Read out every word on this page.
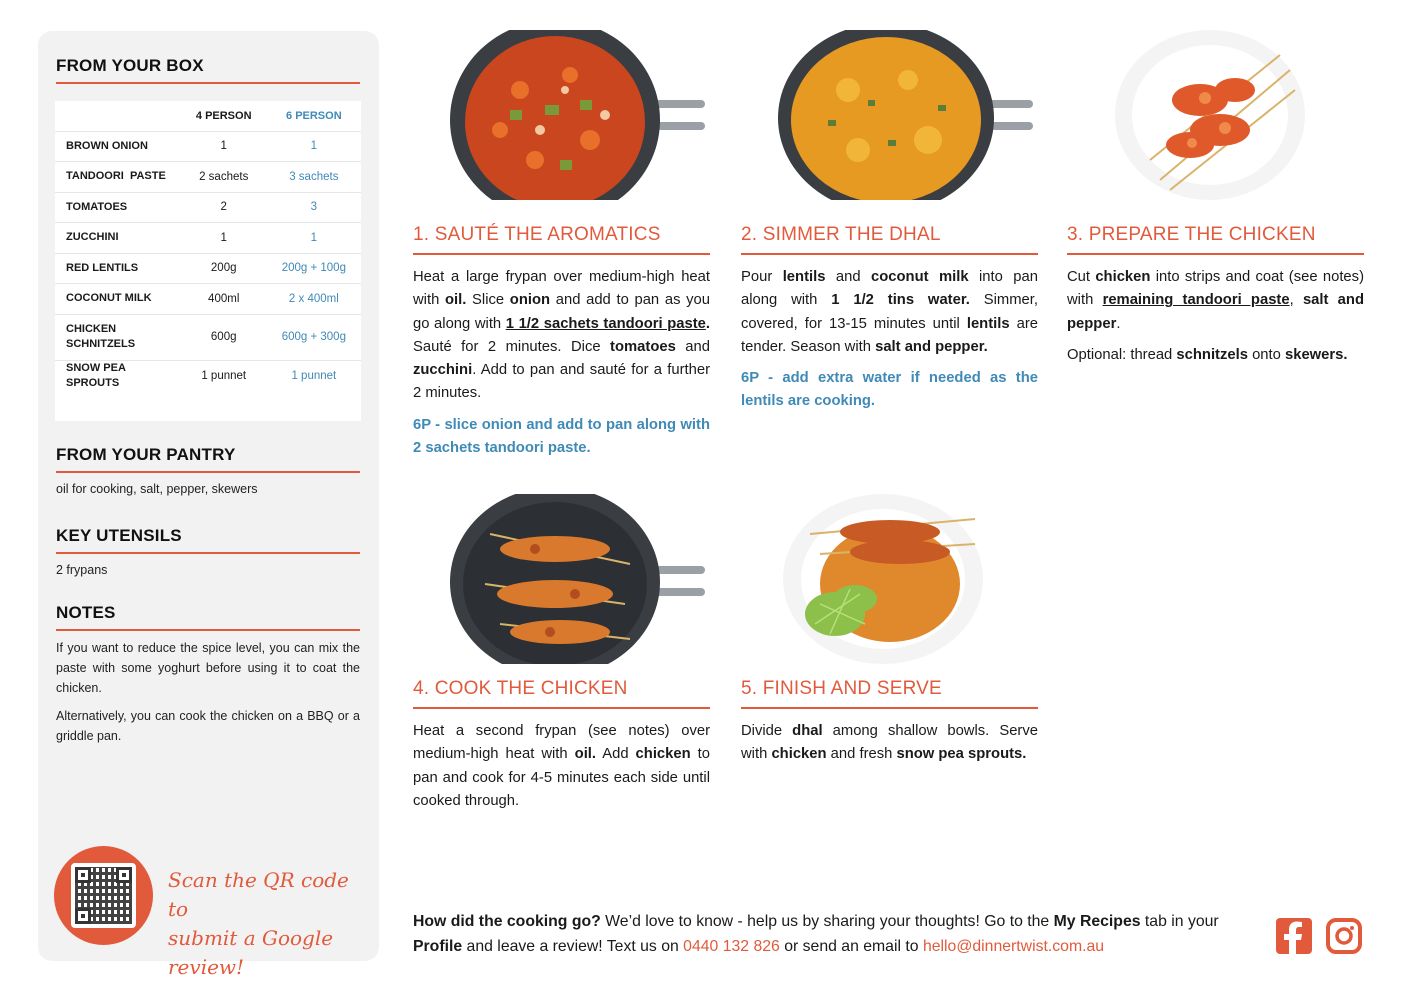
FROM YOUR BOX
	4 PERSON	6 PERSON
BROWN ONION	1	1
TANDOORI  PASTE	2 sachets	3 sachets
TOMATOES	2	3
ZUCCHINI	1	1
RED LENTILS	200g	200g + 100g
COCONUT MILK	400ml	2 x 400ml
CHICKEN SCHNITZELS	600g	600g + 300g
SNOW PEA SPROUTS	1 punnet	1 punnet
FROM YOUR PANTRY
oil for cooking, salt, pepper, skewers
KEY UTENSILS
2 frypans
NOTES
If you want to reduce the spice level, you can mix the paste with some yoghurt before using it to coat the chicken.
Alternatively, you can cook the chicken on a BBQ or a griddle pan.
Scan the QR code to
submit a Google review!
1. SAUTÉ THE AROMATICS	2. SIMMER THE DHAL	3. PREPARE THE CHICKEN
4. COOK THE CHICKEN	5. FINISH AND SERVE

Heat a large frypan over medium-high heat with oil. Slice onion and add to pan as you go along with 1 1/2 sachets tandoori paste. Sauté for 2 minutes. Dice tomatoes and zucchini. Add to pan and sauté for a further 2 minutes.

6P - slice onion and add to pan along with 2 sachets tandoori paste.

Pour lentils and coconut milk into pan along with 1 1/2 tins water. Simmer, covered, for 13-15 minutes until lentils are tender. Season with salt and pepper.

6P - add extra water if needed as the lentils are cooking.

Cut chicken into strips and coat (see notes) with remaining tandoori paste, salt and pepper.

Optional: thread schnitzels onto skewers.

Heat a second frypan (see notes) over medium-high heat with oil. Add chicken to pan and cook for 4-5 minutes each side until cooked through.

Divide dhal among shallow bowls. Serve with chicken and fresh snow pea sprouts.

How did the cooking go? We’d love to know - help us by sharing your thoughts! Go to the My Recipes tab in your Profile and leave a review! Text us on 0440 132 826 or send an email to hello@dinnertwist.com.au
